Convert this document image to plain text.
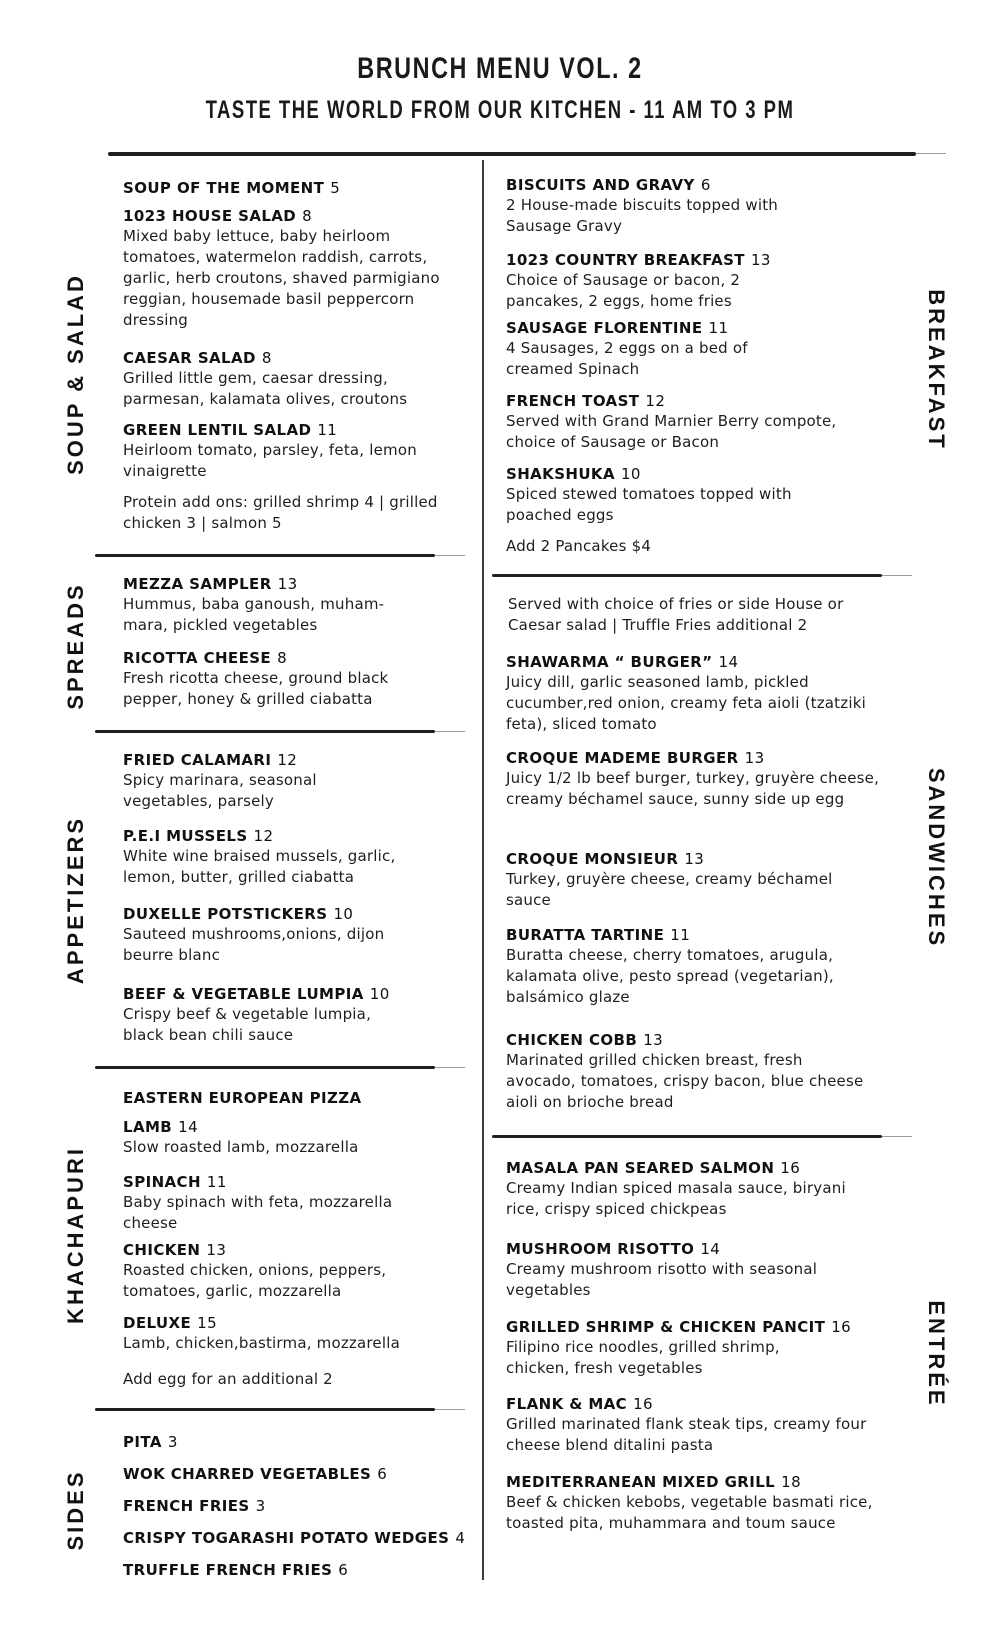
BRUNCH MENU VOL. 2
TASTE THE WORLD FROM OUR KITCHEN - 11 AM TO 3 PM
SOUP & SALAD
SPREADS
APPETIZERS
KHACHAPURI
SIDES
BREAKFAST
SANDWICHES
ENTRÉE
SOUP OF THE MOMENT 5
1023 HOUSE SALAD 8
Mixed baby lettuce, baby heirloom tomatoes, watermelon raddish, carrots, garlic, herb croutons, shaved parmigiano reggian, housemade basil peppercorn dressing
CAESAR SALAD 8
Grilled little gem, caesar dressing, parmesan, kalamata olives, croutons
GREEN LENTIL SALAD 11
Heirloom tomato, parsley, feta, lemon vinaigrette
Protein add ons: grilled shrimp 4 | grilled chicken 3 | salmon 5
MEZZA SAMPLER 13
Hummus, baba ganoush, muham-mara, pickled vegetables
RICOTTA CHEESE 8
Fresh ricotta cheese, ground black pepper, honey & grilled ciabatta
FRIED CALAMARI 12
Spicy marinara, seasonal vegetables, parsely
P.E.I MUSSELS 12
White wine braised mussels, garlic, lemon, butter, grilled ciabatta
DUXELLE POTSTICKERS 10
Sauteed mushrooms,onions, dijon beurre blanc
BEEF & VEGETABLE LUMPIA 10
Crispy beef & vegetable lumpia, black bean chili sauce
EASTERN EUROPEAN PIZZA
LAMB 14
Slow roasted lamb, mozzarella
SPINACH 11
Baby spinach with feta, mozzarella cheese
CHICKEN 13
Roasted chicken, onions, peppers, tomatoes, garlic, mozzarella
DELUXE 15
Lamb, chicken,bastirma, mozzarella
Add egg for an additional 2
PITA 3
WOK CHARRED VEGETABLES 6
FRENCH FRIES 3
CRISPY TOGARASHI POTATO WEDGES 4
TRUFFLE FRENCH FRIES 6
BISCUITS AND GRAVY 6
2 House-made biscuits topped with Sausage Gravy
1023 COUNTRY BREAKFAST 13
Choice of Sausage or bacon, 2 pancakes, 2 eggs, home fries
SAUSAGE FLORENTINE 11
4 Sausages, 2 eggs on a bed of creamed Spinach
FRENCH TOAST 12
Served with Grand Marnier Berry compote, choice of Sausage or Bacon
SHAKSHUKA 10
Spiced stewed tomatoes topped with poached eggs
Add 2 Pancakes $4
Served with choice of fries or side House or Caesar salad | Truffle Fries additional 2
SHAWARMA “ BURGER” 14
Juicy dill, garlic seasoned lamb, pickled cucumber,red onion, creamy feta aioli (tzatziki feta), sliced tomato
CROQUE MADEME BURGER 13
Juicy 1/2 lb beef burger, turkey, gruyère cheese, creamy béchamel sauce, sunny side up egg
CROQUE MONSIEUR 13
Turkey, gruyère cheese, creamy béchamel sauce
BURATTA TARTINE 11
Buratta cheese, cherry tomatoes, arugula, kalamata olive, pesto spread (vegetarian), balsámico glaze
CHICKEN COBB 13
Marinated grilled chicken breast, fresh avocado, tomatoes, crispy bacon, blue cheese aioli on brioche bread
MASALA PAN SEARED SALMON 16
Creamy Indian spiced masala sauce, biryani rice, crispy spiced chickpeas
MUSHROOM RISOTTO 14
Creamy mushroom risotto with seasonal vegetables
GRILLED SHRIMP & CHICKEN PANCIT 16
Filipino rice noodles, grilled shrimp, chicken, fresh vegetables
FLANK & MAC 16
Grilled marinated flank steak tips, creamy four cheese blend ditalini pasta
MEDITERRANEAN MIXED GRILL 18
Beef & chicken kebobs, vegetable basmati rice, toasted pita, muhammara and toum sauce
